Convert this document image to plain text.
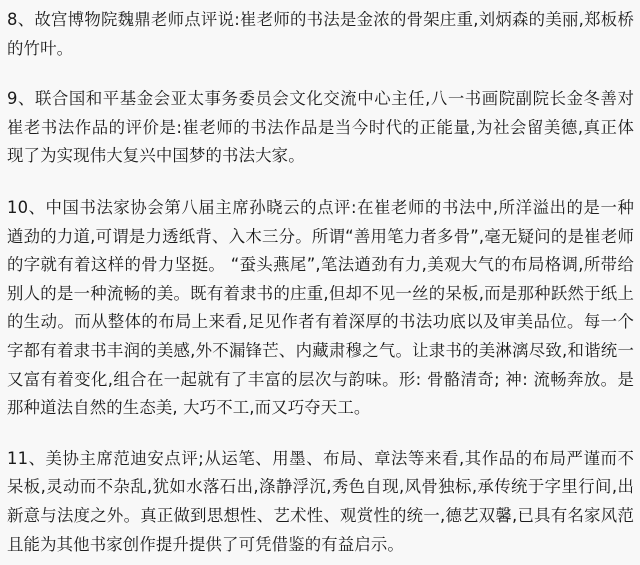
8、故宫博物院魏鼎老师点评说:崔老师的书法是金浓的骨架庄重,刘炳森的美丽,郑板桥的竹叶。

9、联合国和平基金会亚太事务委员会文化交流中心主任,八一书画院副院长金冬善对崔老书法作品的评价是:崔老师的书法作品是当今时代的正能量,为社会留美德,真正体现了为实现伟大复兴中国梦的书法大家。

10、中国书法家协会第八届主席孙晓云的点评:在崔老师的书法中,所洋溢出的是一种遒劲的力道,可谓是力透纸背、入木三分。所谓“善用笔力者多骨”,毫无疑问的是崔老师的字就有着这样的骨力坚挺。 “蚕头燕尾”,笔法遒劲有力,美观大气的布局格调,所带给别人的是一种流畅的美。既有着隶书的庄重,但却不见一丝的呆板,而是那种跃然于纸上的生动。而从整体的布局上来看,足见作者有着深厚的书法功底以及审美品位。每一个字都有着隶书丰润的美感,外不漏锋芒、内藏肃穆之气。让隶书的美淋漓尽致,和谐统一又富有着变化,组合在一起就有了丰富的层次与韵味。形: 骨骼清奇; 神: 流畅奔放。是那种道法自然的生态美, 大巧不工,而又巧夺天工。

11、美协主席范迪安点评;从运笔、用墨、布局、章法等来看,其作品的布局严谨而不呆板,灵动而不杂乱,犹如水落石出,涤静浮沉,秀色自现,风骨独标,承传统于字里行间,出新意与法度之外。真正做到思想性、艺术性、观赏性的统一,德艺双馨,已具有名家风范且能为其他书家创作提升提供了可凭借鉴的有益启示。
